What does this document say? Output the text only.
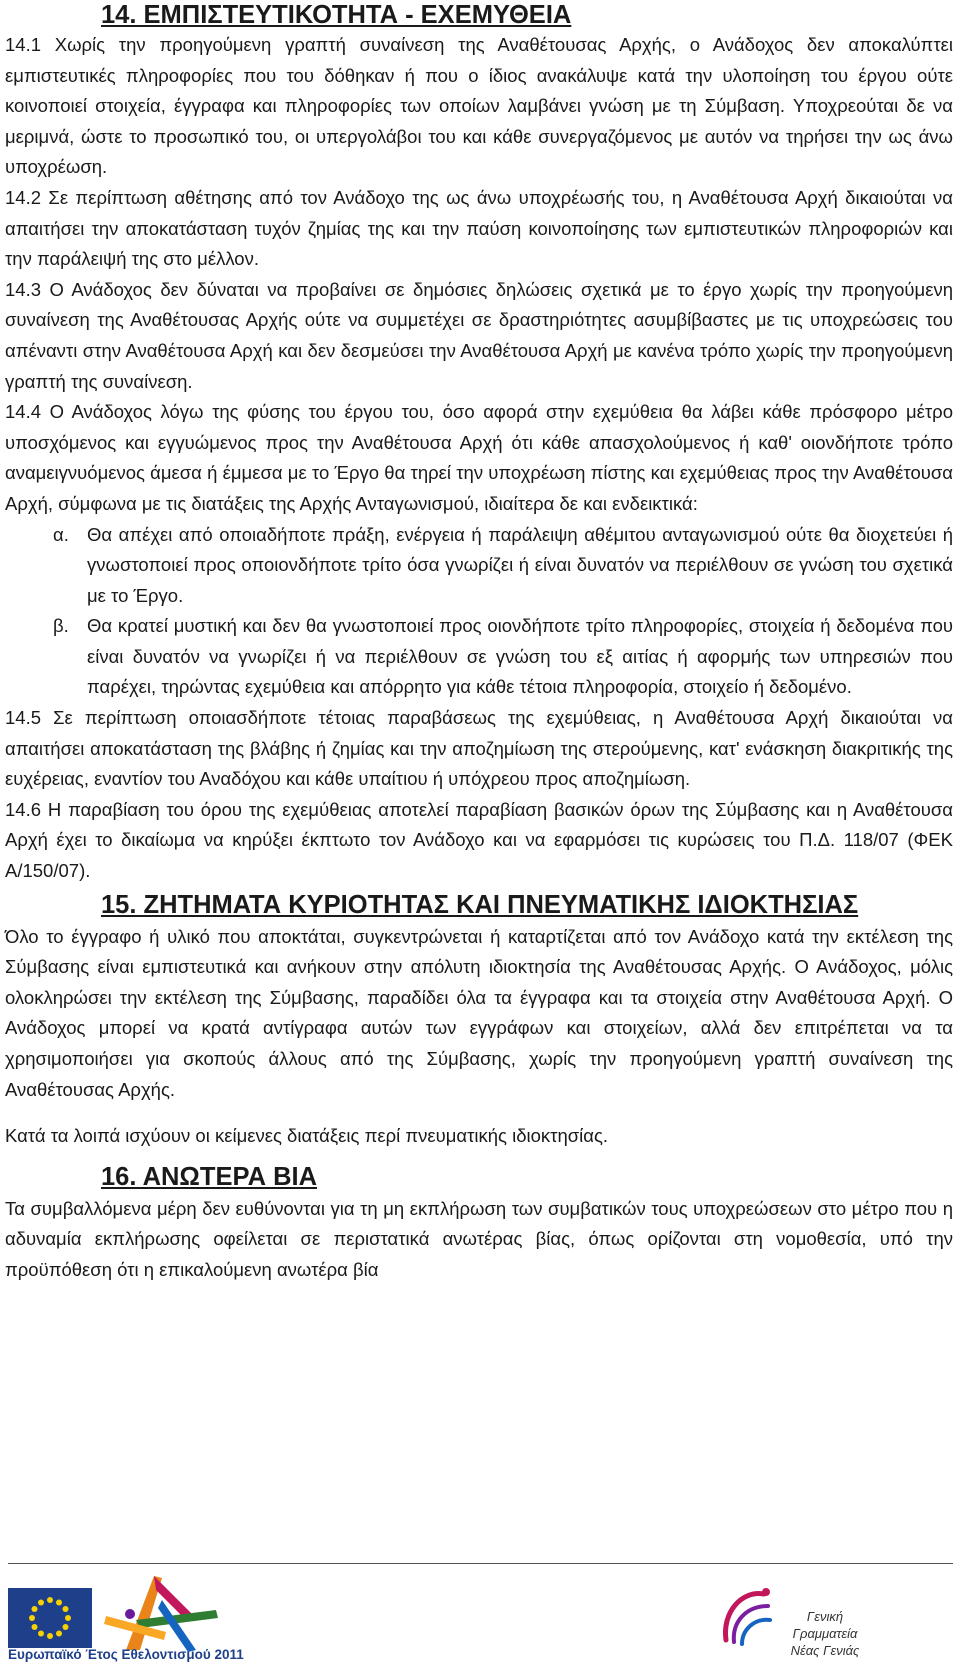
14. ΕΜΠΙΣΤΕΥΤΙΚΟΤΗΤΑ - ΕΧΕΜΥΘΕΙΑ

14.1 Χωρίς την προηγούμενη γραπτή συναίνεση της Αναθέτουσας Αρχής, ο Ανάδοχος δεν αποκαλύπτει εμπιστευτικές πληροφορίες που του δόθηκαν ή που ο ίδιος ανακάλυψε κατά την υλοποίηση του έργου ούτε κοινοποιεί στοιχεία, έγγραφα και πληροφορίες των οποίων λαμβάνει γνώση με τη Σύμβαση. Υποχρεούται δε να μεριμνά, ώστε το προσωπικό του, οι υπεργολάβοι του και κάθε συνεργαζόμενος με αυτόν να τηρήσει την ως άνω υποχρέωση.

14.2 Σε περίπτωση αθέτησης από τον Ανάδοχο της ως άνω υποχρέωσής του, η Αναθέτουσα Αρχή δικαιούται να απαιτήσει την αποκατάσταση τυχόν ζημίας της και την παύση κοινοποίησης των εμπιστευτικών πληροφοριών και την παράλειψή της στο μέλλον.

14.3 Ο Ανάδοχος δεν δύναται να προβαίνει σε δημόσιες δηλώσεις σχετικά με το έργο χωρίς την προηγούμενη συναίνεση της Αναθέτουσας Αρχής ούτε να συμμετέχει σε δραστηριότητες ασυμβίβαστες με τις υποχρεώσεις του απέναντι στην Αναθέτουσα Αρχή και δεν δεσμεύσει την Αναθέτουσα Αρχή με κανένα τρόπο χωρίς την προηγούμενη γραπτή της συναίνεση.

14.4 Ο Ανάδοχος λόγω της φύσης του έργου του, όσο αφορά στην εχεμύθεια θα λάβει κάθε πρόσφορο μέτρο υποσχόμενος και εγγυώμενος προς την Αναθέτουσα Αρχή ότι κάθε απασχολούμενος ή καθ' οιονδήποτε τρόπο αναμειγνυόμενος άμεσα ή έμμεσα με το Έργο θα τηρεί την υποχρέωση πίστης και εχεμύθειας προς την Αναθέτουσα Αρχή, σύμφωνα με τις διατάξεις της Αρχής Ανταγωνισμού, ιδιαίτερα δε και ενδεικτικά:

α. Θα απέχει από οποιαδήποτε πράξη, ενέργεια ή παράλειψη αθέμιτου ανταγωνισμού ούτε θα διοχετεύει ή γνωστοποιεί προς οποιονδήποτε τρίτο όσα γνωρίζει ή είναι δυνατόν να περιέλθουν σε γνώση του σχετικά με το Έργο.
β. Θα κρατεί μυστική και δεν θα γνωστοποιεί προς οιονδήποτε τρίτο πληροφορίες, στοιχεία ή δεδομένα που είναι δυνατόν να γνωρίζει ή να περιέλθουν σε γνώση του εξ αιτίας ή αφορμής των υπηρεσιών που παρέχει, τηρώντας εχεμύθεια και απόρρητο για κάθε τέτοια πληροφορία, στοιχείο ή δεδομένο.

14.5 Σε περίπτωση οποιασδήποτε τέτοιας παραβάσεως της εχεμύθειας, η Αναθέτουσα Αρχή δικαιούται να απαιτήσει αποκατάσταση της βλάβης ή ζημίας και την αποζημίωση της στερούμενης, κατ' ενάσκηση διακριτικής της ευχέρειας, εναντίον του Αναδόχου και κάθε υπαίτιου ή υπόχρεου προς αποζημίωση.

14.6 Η παραβίαση του όρου της εχεμύθειας αποτελεί παραβίαση βασικών όρων της Σύμβασης και η Αναθέτουσα Αρχή έχει το δικαίωμα να κηρύξει έκπτωτο τον Ανάδοχο και να εφαρμόσει τις κυρώσεις του Π.Δ. 118/07 (ΦΕΚ Α/150/07).

15. ΖΗΤΗΜΑΤΑ ΚΥΡΙΟΤΗΤΑΣ ΚΑΙ ΠΝΕΥΜΑΤΙΚΗΣ ΙΔΙΟΚΤΗΣΙΑΣ

Όλο το έγγραφο ή υλικό που αποκτάται, συγκεντρώνεται ή καταρτίζεται από τον Ανάδοχο κατά την εκτέλεση της Σύμβασης είναι εμπιστευτικά και ανήκουν στην απόλυτη ιδιοκτησία της Αναθέτουσας Αρχής. Ο Ανάδοχος, μόλις ολοκληρώσει την εκτέλεση της Σύμβασης, παραδίδει όλα τα έγγραφα και τα στοιχεία στην Αναθέτουσα Αρχή. Ο Ανάδοχος μπορεί να κρατά αντίγραφα αυτών των εγγράφων και στοιχείων, αλλά δεν επιτρέπεται να τα χρησιμοποιήσει για σκοπούς άλλους από της Σύμβασης, χωρίς την προηγούμενη γραπτή συναίνεση της Αναθέτουσας Αρχής.

Κατά τα λοιπά ισχύουν οι κείμενες διατάξεις περί πνευματικής ιδιοκτησίας.

16. ΑΝΩΤΕΡΑ ΒΙΑ

Τα συμβαλλόμενα μέρη δεν ευθύνονται για τη μη εκπλήρωση των συμβατικών τους υποχρεώσεων στο μέτρο που η αδυναμία εκπλήρωσης οφείλεται σε περιστατικά ανωτέρας βίας, όπως ορίζονται στη νομοθεσία, υπό την προϋπόθεση ότι η επικαλούμενη ανωτέρα βία

Ευρωπαϊκό Έτος Εθελοντισμού 2011
Γενική Γραμματεία
Νέας Γενιάς
